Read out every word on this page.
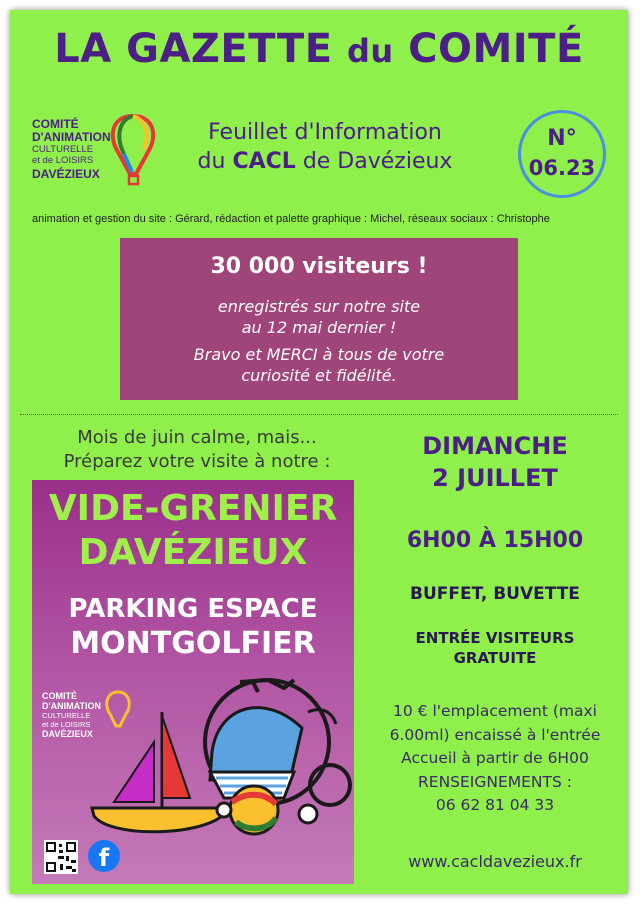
LA GAZETTE du COMITÉ
COMITÉ
D'ANIMATION
CULTURELLE
et de LOISIRS
DAVÉZIEUX
Feuillet d'Information
du CACL de Davézieux
N°
06.23
animation et gestion du site : Gérard, rédaction et palette graphique : Michel, réseaux sociaux : Christophe
30 000 visiteurs !
enregistrés sur notre site
au 12 mai dernier !
Bravo et MERCI à tous de votre
curiosité et fidélité.
Mois de juin calme, mais...
Préparez votre visite à notre :
VIDE-GRENIER
DAVÉZIEUX
PARKING ESPACE
MONTGOLFIER
COMITÉ
D'ANIMATION
CULTURELLE
et de LOISIRS
DAVÉZIEUX
f
DIMANCHE
2 JUILLET
6H00 À 15H00
BUFFET, BUVETTE
ENTRÉE VISITEURS
GRATUITE
10 € l'emplacement (maxi
6.00ml) encaissé à l'entrée
Accueil à partir de 6H00
RENSEIGNEMENTS :
06 62 81 04 33
www.cacldavezieux.fr
